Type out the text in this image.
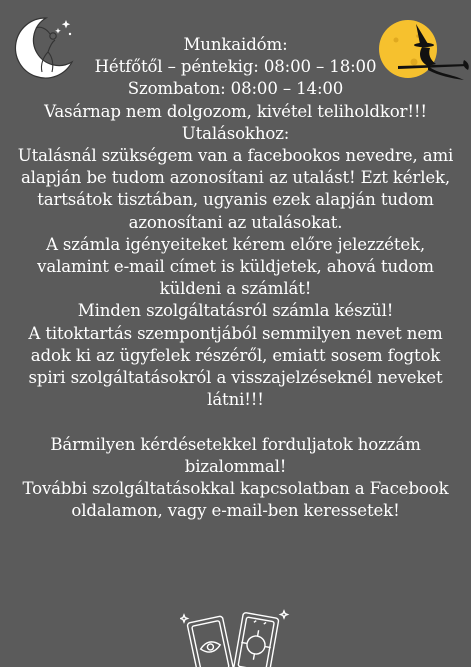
Munkaidóm:
Hétfőtől – péntekig: 08:00 – 18:00
Szombaton: 08:00 – 14:00
Vasárnap nem dolgozom, kivétel teliholdkor!!!
Utalásokhoz:
Utalásnál szükségem van a facebookos nevedre, ami
alapján be tudom azonosítani az utalást! Ezt kérlek,
tartsátok tisztában, ugyanis ezek alapján tudom
azonosítani az utalásokat.
A számla igényeiteket kérem előre jelezzétek,
valamint e-mail címet is küldjetek, ahová tudom
küldeni a számlát!
Minden szolgáltatásról számla készül!
A titoktartás szempontjából semmilyen nevet nem
adok ki az ügyfelek részéről, emiatt sosem fogtok
spiri szolgáltatásokról a visszajelzéseknél neveket
látni!!!
Bármilyen kérdésetekkel forduljatok hozzám
bizalommal!
További szolgáltatásokkal kapcsolatban a Facebook
oldalamon, vagy e-mail-ben keressetek!
